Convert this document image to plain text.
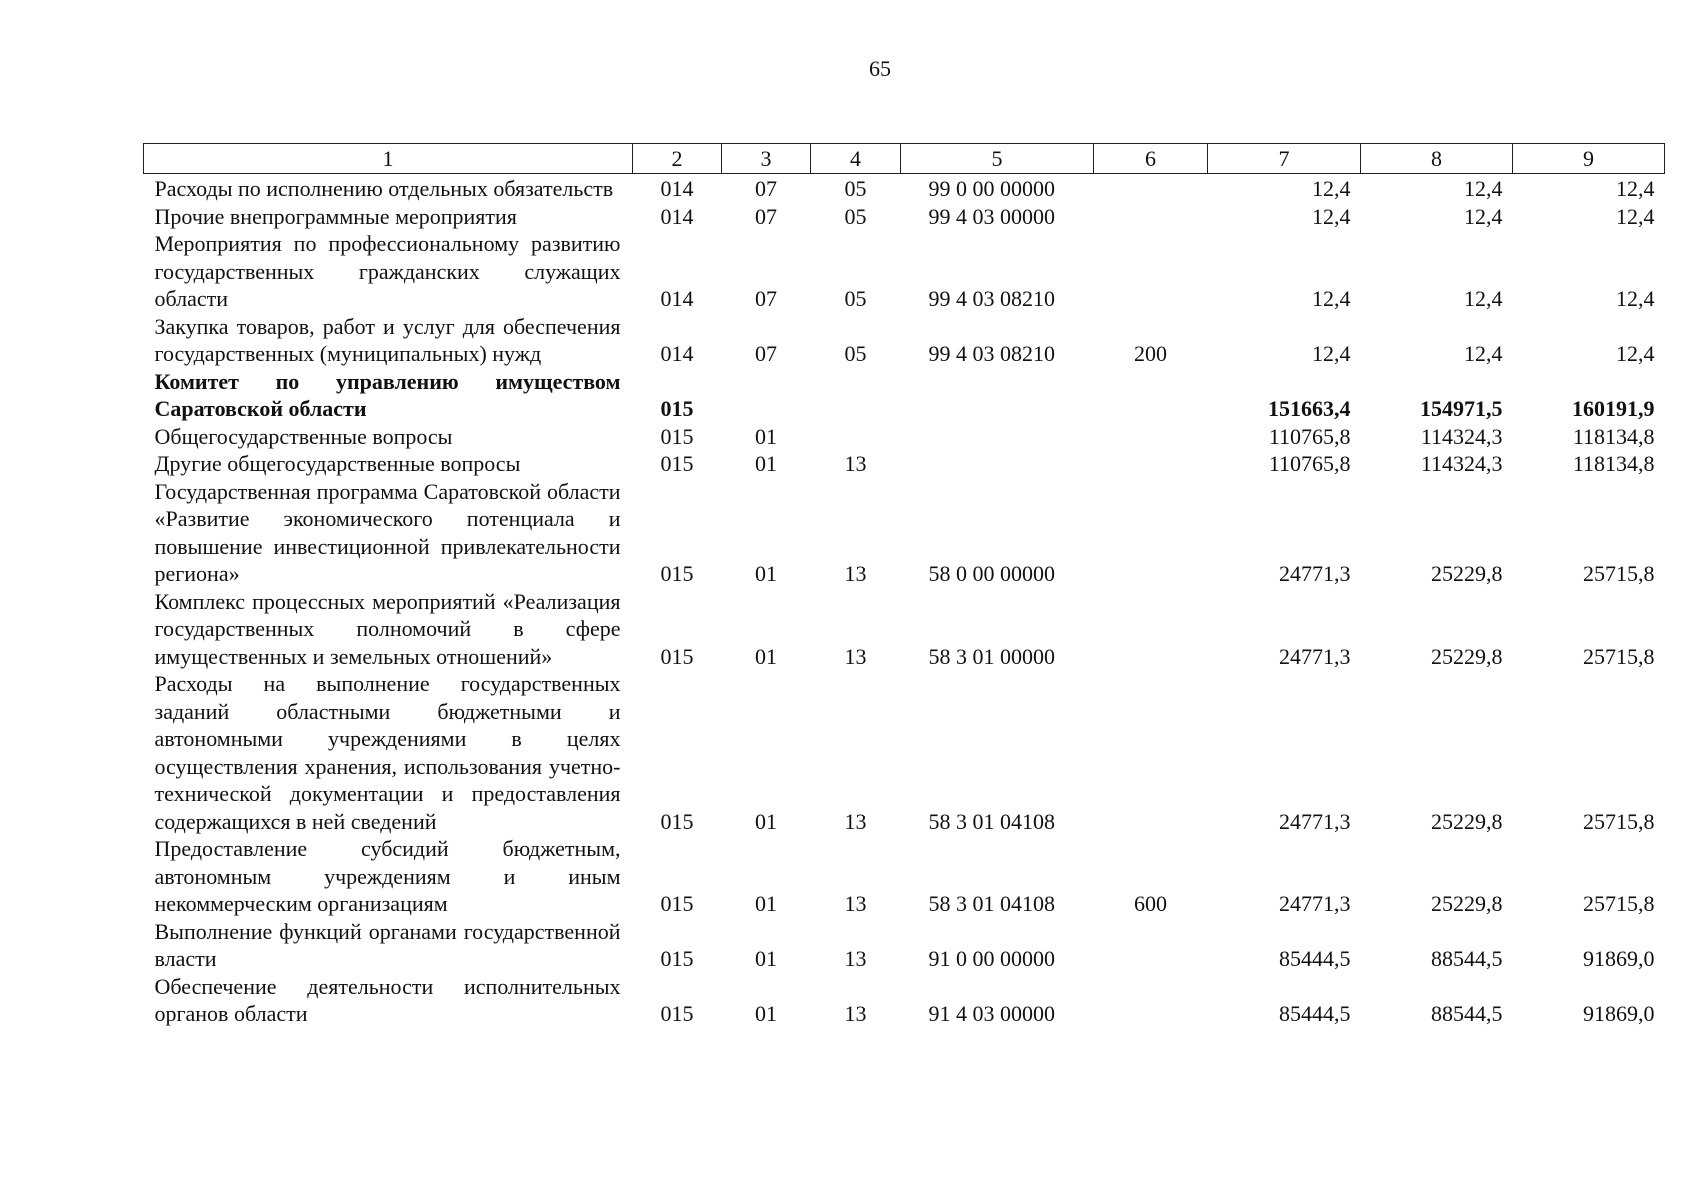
65
1	2	3	4	5	6	7	8	9
Расходы по исполнению отдельных обязательств	014	07	05	99 0 00 00000		12,4	12,4	12,4
Прочие внепрограммные мероприятия	014	07	05	99 4 03 00000		12,4	12,4	12,4
Мероприятия по профессиональному развитию государственных гражданских служащих области	014	07	05	99 4 03 08210		12,4	12,4	12,4
Закупка товаров, работ и услуг для обеспечения государственных (муниципальных) нужд	014	07	05	99 4 03 08210	200	12,4	12,4	12,4
Комитет по управлению имуществом Саратовской области	015					151663,4	154971,5	160191,9
Общегосударственные вопросы	015	01				110765,8	114324,3	118134,8
Другие общегосударственные вопросы	015	01	13			110765,8	114324,3	118134,8
Государственная программа Саратовской области «Развитие экономического потенциала и повышение инвестиционной привлекательности региона»	015	01	13	58 0 00 00000		24771,3	25229,8	25715,8
Комплекс процессных мероприятий «Реализация государственных полномочий в сфере имущественных и земельных отношений»	015	01	13	58 3 01 00000		24771,3	25229,8	25715,8
Расходы на выполнение государственных заданий областными бюджетными и автономными учреждениями в целях осуществления хранения, использования учетно-технической документации и предоставления содержащихся в ней сведений	015	01	13	58 3 01 04108		24771,3	25229,8	25715,8
Предоставление субсидий бюджетным, автономным учреждениям и иным некоммерческим организациям	015	01	13	58 3 01 04108	600	24771,3	25229,8	25715,8
Выполнение функций органами государственной власти	015	01	13	91 0 00 00000		85444,5	88544,5	91869,0
Обеспечение деятельности исполнительных органов области	015	01	13	91 4 03 00000		85444,5	88544,5	91869,0
